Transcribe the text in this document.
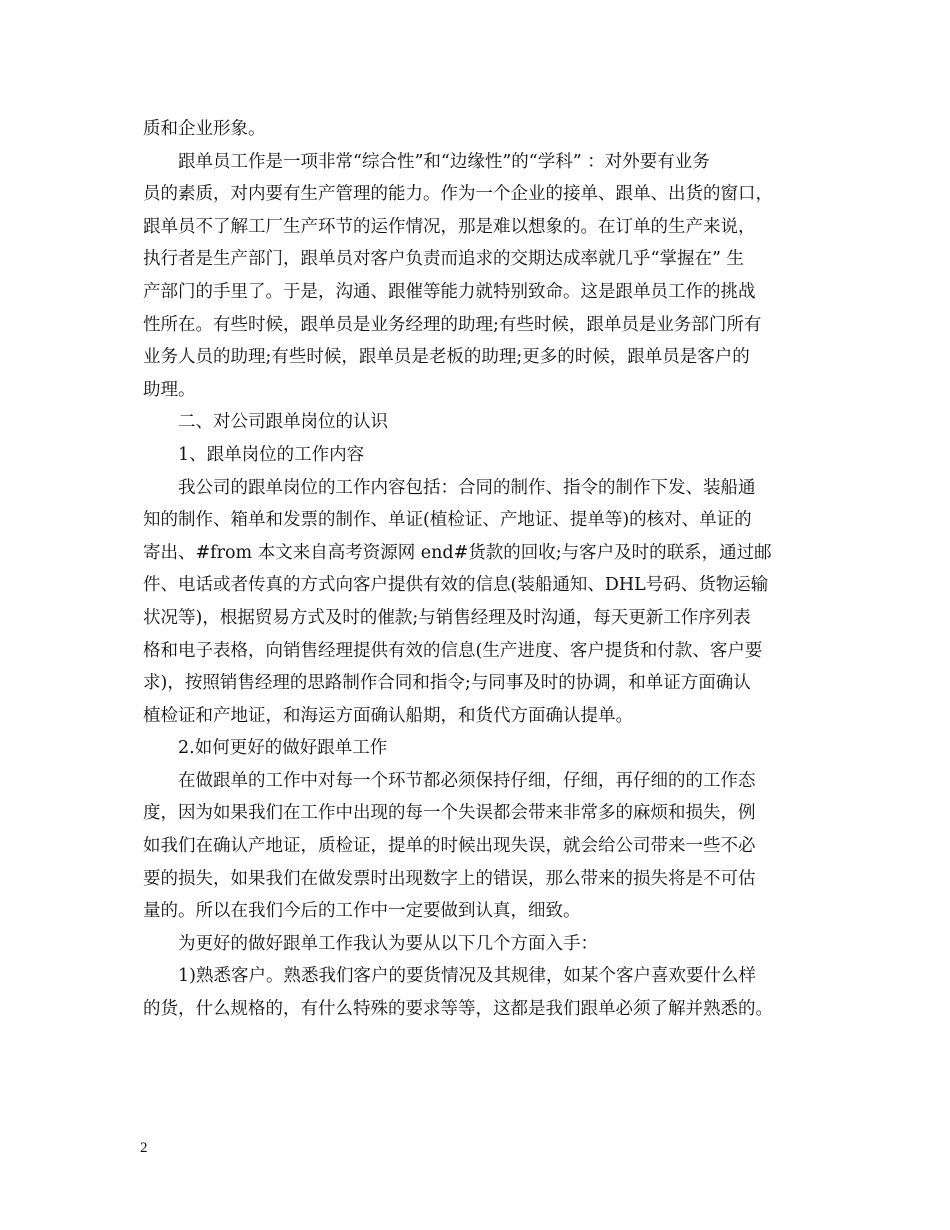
质和企业形象。
跟单员工作是一项非常“综合性”和“边缘性”的“学科” ：对外要有业务
员的素质，对内要有生产管理的能力。作为一个企业的接单、跟单、出货的窗口，
跟单员不了解工厂生产环节的运作情况，那是难以想象的。在订单的生产来说，
执行者是生产部门，跟单员对客户负责而追求的交期达成率就几乎“掌握在” 生
产部门的手里了。于是，沟通、跟催等能力就特别致命。这是跟单员工作的挑战
性所在。有些时候，跟单员是业务经理的助理;有些时候，跟单员是业务部门所有
业务人员的助理;有些时候，跟单员是老板的助理;更多的时候，跟单员是客户的
助理。
二、对公司跟单岗位的认识
1、跟单岗位的工作内容
我公司的跟单岗位的工作内容包括：合同的制作、指令的制作下发、装船通
知的制作、箱单和发票的制作、单证(植检证、产地证、提单等)的核对、单证的
寄出、#from 本文来自高考资源网 end#货款的回收;与客户及时的联系，通过邮
件、电话或者传真的方式向客户提供有效的信息(装船通知、DHL号码、货物运输
状况等)，根据贸易方式及时的催款;与销售经理及时沟通，每天更新工作序列表
格和电子表格，向销售经理提供有效的信息(生产进度、客户提货和付款、客户要
求)，按照销售经理的思路制作合同和指令;与同事及时的协调，和单证方面确认
植检证和产地证，和海运方面确认船期，和货代方面确认提单。
2.如何更好的做好跟单工作
在做跟单的工作中对每一个环节都必须保持仔细，仔细，再仔细的的工作态
度，因为如果我们在工作中出现的每一个失误都会带来非常多的麻烦和损失，例
如我们在确认产地证，质检证，提单的时候出现失误，就会给公司带来一些不必
要的损失，如果我们在做发票时出现数字上的错误，那么带来的损失将是不可估
量的。所以在我们今后的工作中一定要做到认真，细致。
为更好的做好跟单工作我认为要从以下几个方面入手：
1)熟悉客户。熟悉我们客户的要货情况及其规律，如某个客户喜欢要什么样
的货，什么规格的，有什么特殊的要求等等，这都是我们跟单必须了解并熟悉的。
2
